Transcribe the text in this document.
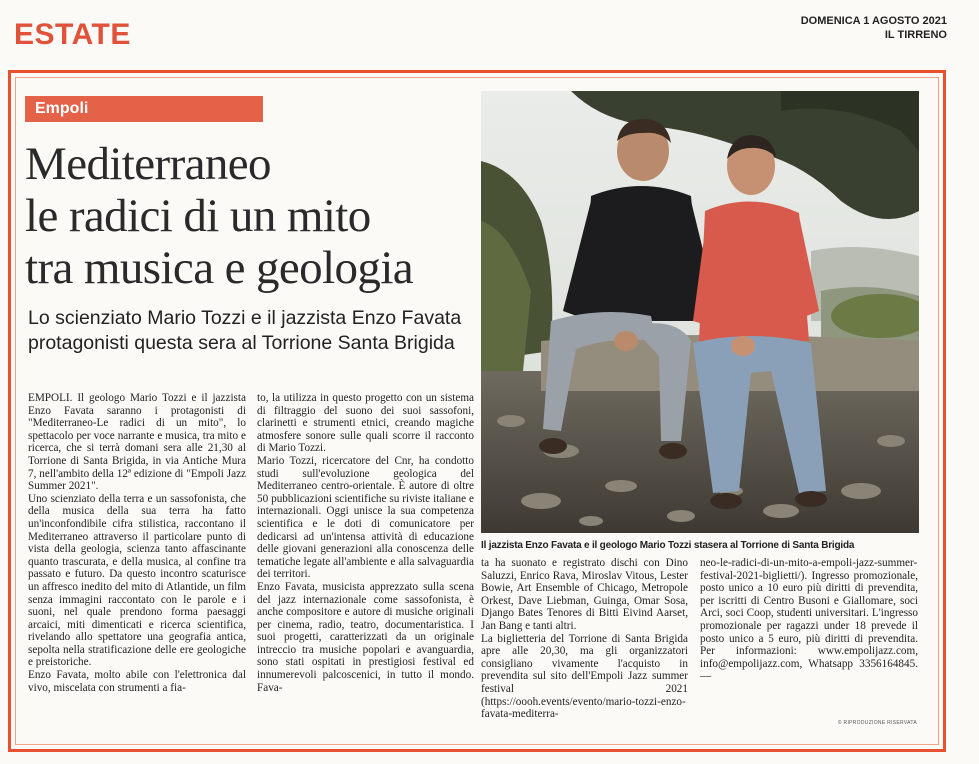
ESTATE	DOMENICA 1 AGOSTO 2021
IL TIRRENO
Empoli
Mediterraneo
le radici di un mito
tra musica e geologia
Lo scienziato Mario Tozzi e il jazzista Enzo Favata
protagonisti questa sera al Torrione Santa Brigida
Il jazzista Enzo Favata e il geologo Mario Tozzi stasera al Torrione di Santa Brigida

EMPOLI. Il geologo Mario Tozzi e il jazzista Enzo Favata saranno i protagonisti di "Mediterraneo-Le radici di un mito", lo spettacolo per voce narrante e musica, tra mito e ricerca, che si terrà domani sera alle 21,30 al Torrione di Santa Brigida, in via Antiche Mura 7, nell'ambito della 12ª edizione di "Empoli Jazz Summer 2021".

Uno scienziato della terra e un sassofonista, che della musica della sua terra ha fatto un'inconfondibile cifra stilistica, raccontano il Mediterraneo attraverso il particolare punto di vista della geologia, scienza tanto affascinante quanto trascurata, e della musica, al confine tra passato e futuro. Da questo incontro scaturisce un affresco inedito del mito di Atlantide, un film senza immagini raccontato con le parole e i suoni, nel quale prendono forma paesaggi arcaici, miti dimenticati e ricerca scientifica, rivelando allo spettatore una geografia antica, sepolta nella stratificazione delle ere geologiche e preistoriche.

Enzo Favata, molto abile con l'elettronica dal vivo, miscelata con strumenti a fia-

to, la utilizza in questo progetto con un sistema di filtraggio del suono dei suoi sassofoni, clarinetti e strumenti etnici, creando magiche atmosfere sonore sulle quali scorre il racconto di Mario Tozzi.

Mario Tozzi, ricercatore del Cnr, ha condotto studi sull'evoluzione geologica del Mediterraneo centro-orientale. È autore di oltre 50 pubblicazioni scientifiche su riviste italiane e internazionali. Oggi unisce la sua competenza scientifica e le doti di comunicatore per dedicarsi ad un'intensa attività di educazione delle giovani generazioni alla conoscenza delle tematiche legate all'ambiente e alla salvaguardia dei territori.

Enzo Favata, musicista apprezzato sulla scena del jazz internazionale come sassofonista, è anche compositore e autore di musiche originali per cinema, radio, teatro, documentaristica. I suoi progetti, caratterizzati da un originale intreccio tra musiche popolari e avanguardia, sono stati ospitati in prestigiosi festival ed innumerevoli palcoscenici, in tutto il mondo. Fava-

ta ha suonato e registrato dischi con Dino Saluzzi, Enrico Rava, Miroslav Vitous, Lester Bowie, Art Ensemble of Chicago, Metropole Orkest, Dave Liebman, Guinga, Omar Sosa, Django Bates Tenores di Bitti Eivind Aarset, Jan Bang e tanti altri.

La biglietteria del Torrione di Santa Brigida apre alle 20,30, ma gli organizzatori consigliano vivamente l'acquisto in prevendita sul sito dell'Empoli Jazz summer festival 2021 (https://oooh.events/evento/mario-tozzi-enzo-favata-mediterra-

neo-le-radici-di-un-mito-a-empoli-jazz-summer-festival-2021-biglietti/). Ingresso promozionale, posto unico a 10 euro più diritti di prevendita, per iscritti di Centro Busoni e Giallomare, soci Arci, soci Coop, studenti universitari. L'ingresso promozionale per ragazzi under 18 prevede il posto unico a 5 euro, più diritti di prevendita. Per informazioni: www.empolijazz.com, info@empolijazz.com, Whatsapp 3356164845. —

© RIPRODUZIONE RISERVATA
